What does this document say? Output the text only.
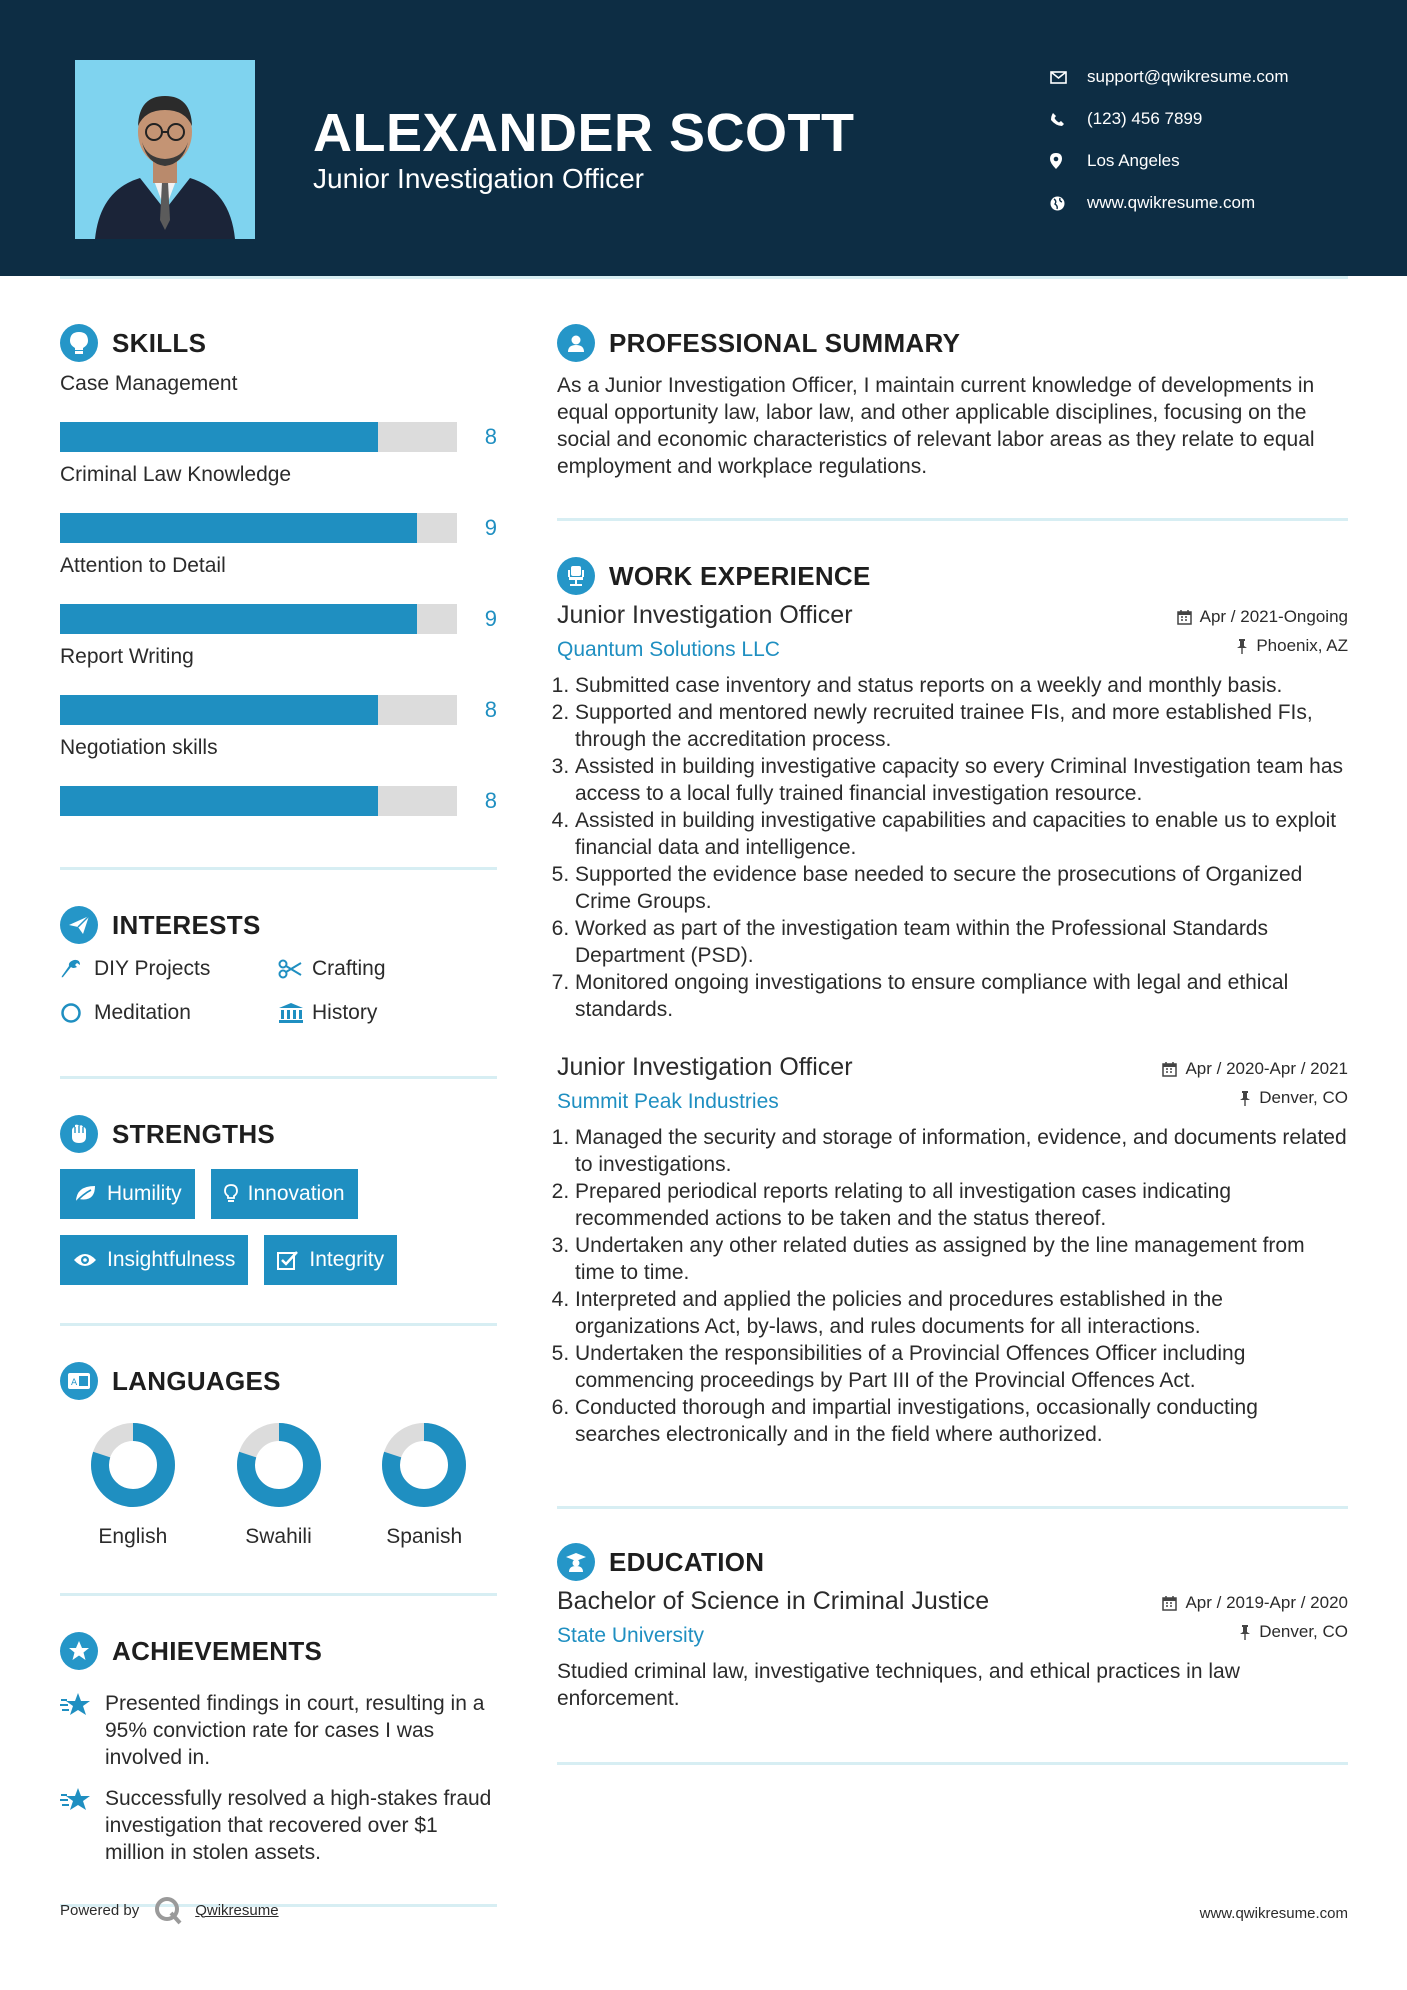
ALEXANDER SCOTT
Junior Investigation Officer
support@qwikresume.com
(123) 456 7899
Los Angeles
www.qwikresume.com
SKILLS
Case Management
8
Criminal Law Knowledge
9
Attention to Detail
9
Report Writing
8
Negotiation skills
8
INTERESTS
DIY Projects	Crafting
Meditation	History
STRENGTHS
Humility	Innovation
Insightfulness	Integrity
A LANGUAGES
English	Swahili	Spanish
ACHIEVEMENTS
Presented findings in court, resulting in a 95% conviction rate for cases I was involved in.
Successfully resolved a high-stakes fraud investigation that recovered over $1 million in stolen assets.
PROFESSIONAL SUMMARY
As a Junior Investigation Officer, I maintain current knowledge of developments in equal opportunity law, labor law, and other applicable disciplines, focusing on the social and economic characteristics of relevant labor areas as they relate to equal employment and workplace regulations.
WORK EXPERIENCE
Junior Investigation Officer
Quantum Solutions LLC
Apr / 2021-Ongoing
Phoenix, AZ
1. Submitted case inventory and status reports on a weekly and monthly basis.
2. Supported and mentored newly recruited trainee FIs, and more established FIs, through the accreditation process.
3. Assisted in building investigative capacity so every Criminal Investigation team has access to a local fully trained financial investigation resource.
4. Assisted in building investigative capabilities and capacities to enable us to exploit financial data and intelligence.
5. Supported the evidence base needed to secure the prosecutions of Organized Crime Groups.
6. Worked as part of the investigation team within the Professional Standards Department (PSD).
7. Monitored ongoing investigations to ensure compliance with legal and ethical standards.
Junior Investigation Officer
Summit Peak Industries
Apr / 2020-Apr / 2021
Denver, CO
1. Managed the security and storage of information, evidence, and documents related to investigations.
2. Prepared periodical reports relating to all investigation cases indicating recommended actions to be taken and the status thereof.
3. Undertaken any other related duties as assigned by the line management from time to time.
4. Interpreted and applied the policies and procedures established in the organizations Act, by-laws, and rules documents for all interactions.
5. Undertaken the responsibilities of a Provincial Offences Officer including commencing proceedings by Part III of the Provincial Offences Act.
6. Conducted thorough and impartial investigations, occasionally conducting searches electronically and in the field where authorized.
EDUCATION
Bachelor of Science in Criminal Justice
State University
Apr / 2019-Apr / 2020
Denver, CO
Studied criminal law, investigative techniques, and ethical practices in law enforcement.
Powered by	Qwikresume	www.qwikresume.com
